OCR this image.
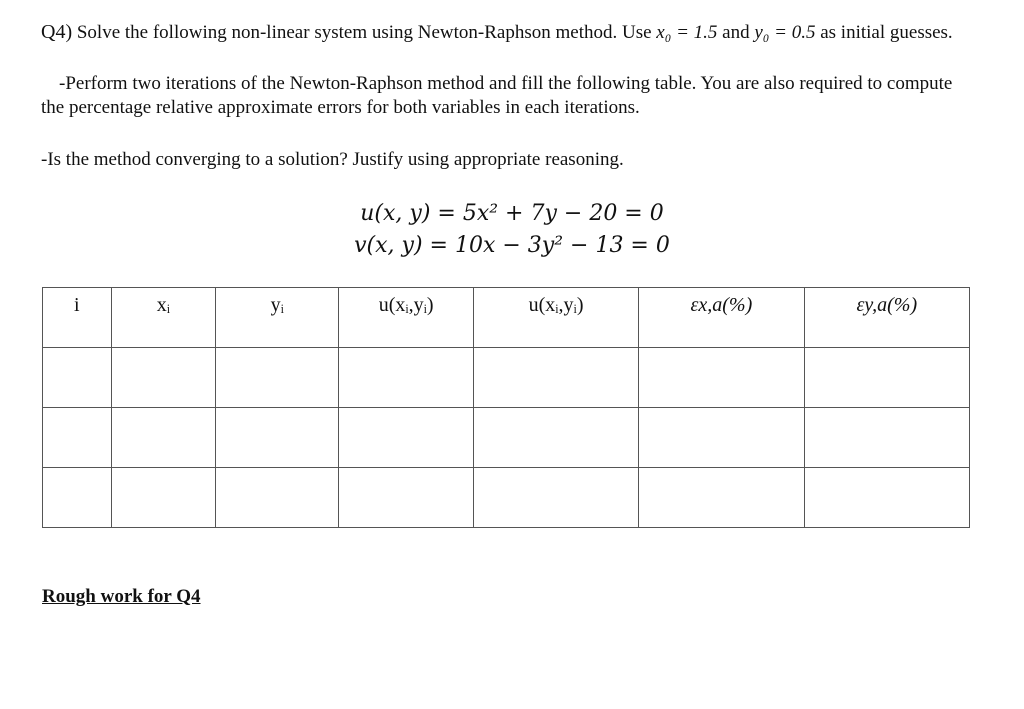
Q4) Solve the following non-linear system using Newton-Raphson method. Use x₀ = 1.5 and y₀ = 0.5 as initial guesses.

-Perform two iterations of the Newton-Raphson method and fill the following table. You are also required to compute the percentage relative approximate errors for both variables in each iterations.

-Is the method converging to a solution? Justify using appropriate reasoning.

u(x, y) = 5x² + 7y − 20 = 0
v(x, y) = 10x − 3y² − 13 = 0
i	xᵢ	yᵢ	u(xᵢ,yᵢ)	u(xᵢ,yᵢ)	εx,a(%)	εy,a(%)

Rough work for Q4
